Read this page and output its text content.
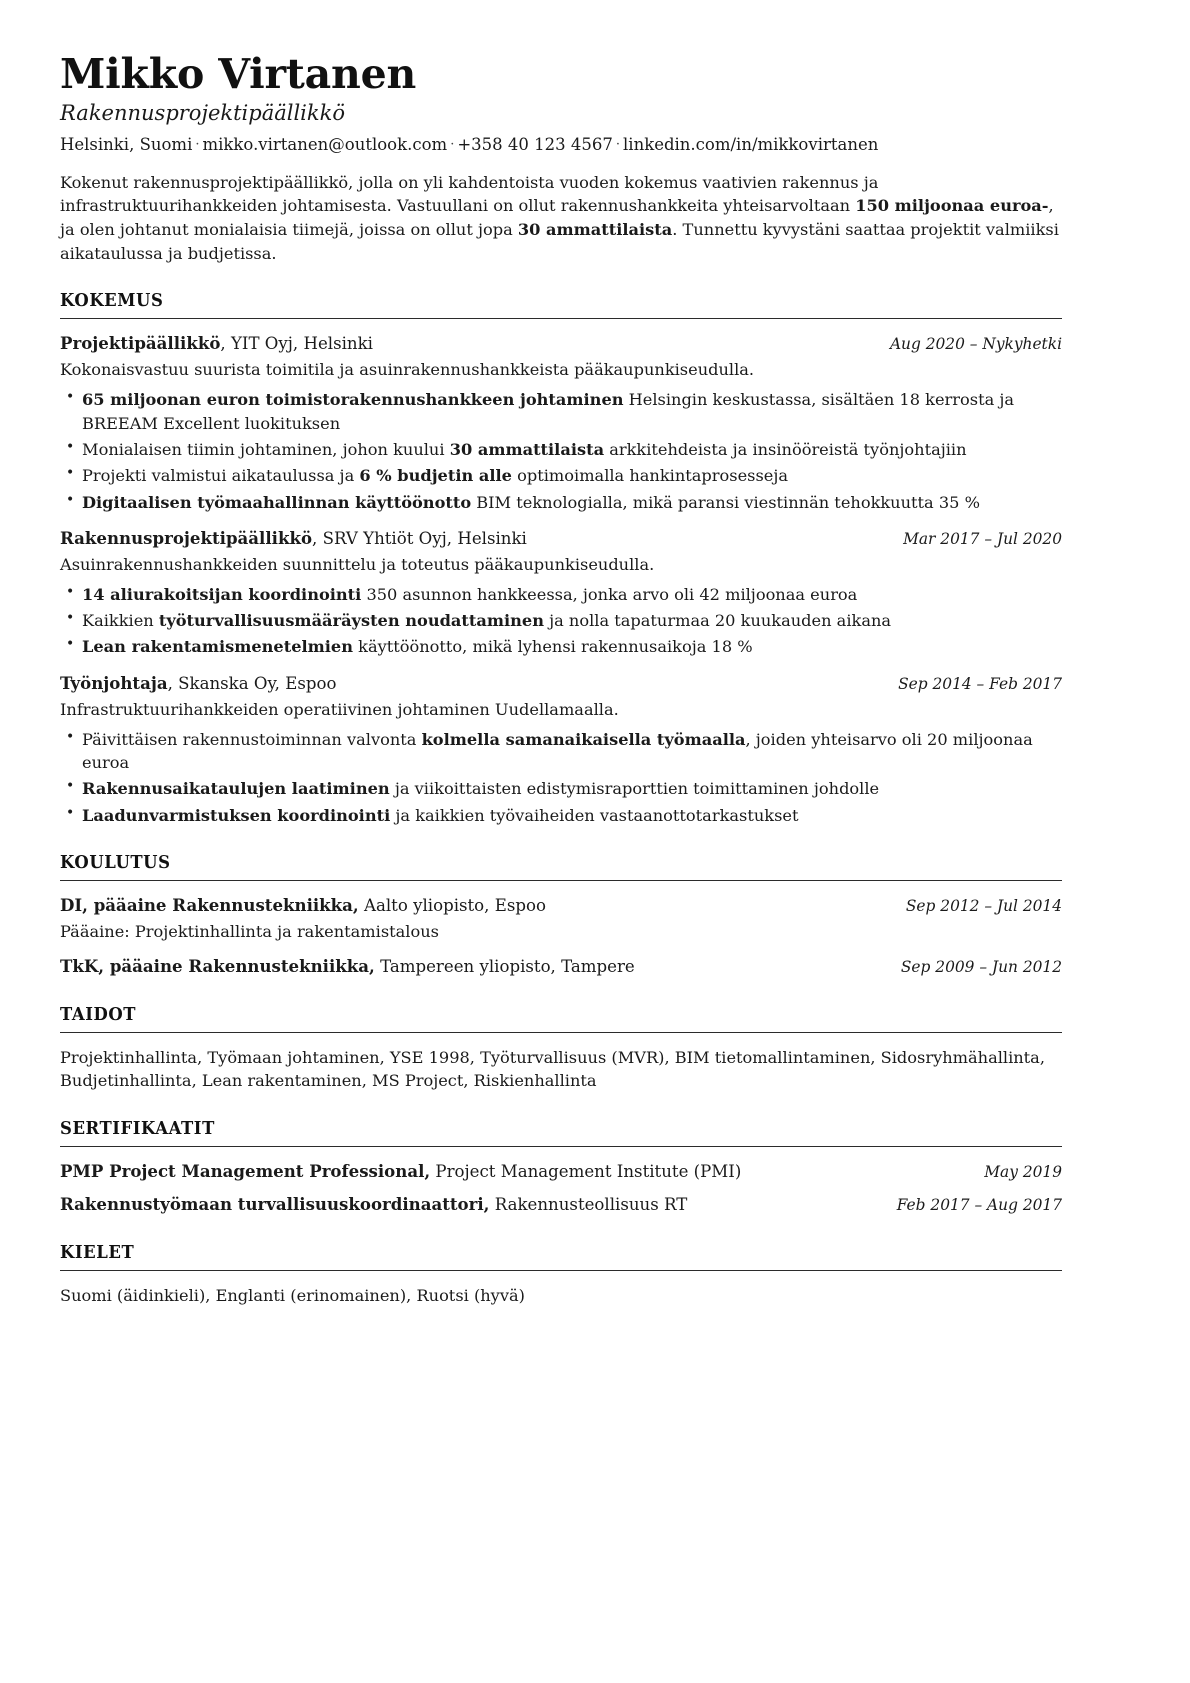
Mikko Virtanen
Rakennusprojektipäällikkö
Helsinki, Suomi · mikko.virtanen@outlook.com · +358 40 123 4567 · linkedin.com/in/mikkovirtanen

Kokenut rakennusprojektipäällikkö, jolla on yli kahdentoista vuoden kokemus vaativien rakennus ja infrastruktuurihankkeiden johtamisesta. Vastuullani on ollut rakennushankkeita yhteisarvoltaan 150 miljoonaa euroa-, ja olen johtanut monialaisia tiimejä, joissa on ollut jopa 30 ammattilaista. Tunnettu kyvystäni saattaa projektit valmiiksi aikataulussa ja budjetissa.

KOKEMUS
Projektipäällikkö, YIT Oyj, Helsinki	Aug 2020 – Nykyhetki
Kokonaisvastuu suurista toimitila ja asuinrakennushankkeista pääkaupunkiseudulla.
• 65 miljoonan euron toimistorakennushankkeen johtaminen Helsingin keskustassa, sisältäen 18 kerrosta ja BREEAM Excellent luokituksen
• Monialaisen tiimin johtaminen, johon kuului 30 ammattilaista arkkitehdeista ja insinööreistä työnjohtajiin
• Projekti valmistui aikataulussa ja 6 % budjetin alle optimoimalla hankintaprosesseja
• Digitaalisen työmaahallinnan käyttöönotto BIM teknologialla, mikä paransi viestinnän tehokkuutta 35 %
Rakennusprojektipäällikkö, SRV Yhtiöt Oyj, Helsinki	Mar 2017 – Jul 2020
Asuinrakennushankkeiden suunnittelu ja toteutus pääkaupunkiseudulla.
• 14 aliurakoitsijan koordinointi 350 asunnon hankkeessa, jonka arvo oli 42 miljoonaa euroa
• Kaikkien työturvallisuusmääräysten noudattaminen ja nolla tapaturmaa 20 kuukauden aikana
• Lean rakentamismenetelmien käyttöönotto, mikä lyhensi rakennusaikoja 18 %
Työnjohtaja, Skanska Oy, Espoo	Sep 2014 – Feb 2017
Infrastruktuurihankkeiden operatiivinen johtaminen Uudellamaalla.
• Päivittäisen rakennustoiminnan valvonta kolmella samanaikaisella työmaalla, joiden yhteisarvo oli 20 miljoonaa euroa
• Rakennusaikataulujen laatiminen ja viikoittaisten edistymisraporttien toimittaminen johdolle
• Laadunvarmistuksen koordinointi ja kaikkien työvaiheiden vastaanottotarkastukset
KOULUTUS
DI, pääaine Rakennustekniikka, Aalto yliopisto, Espoo	Sep 2012 – Jul 2014
Pääaine: Projektinhallinta ja rakentamistalous
TkK, pääaine Rakennustekniikka, Tampereen yliopisto, Tampere	Sep 2009 – Jun 2012
TAIDOT

Projektinhallinta, Työmaan johtaminen, YSE 1998, Työturvallisuus (MVR), BIM tietomallintaminen, Sidosryhmähallinta, Budjetinhallinta, Lean rakentaminen, MS Project, Riskienhallinta

SERTIFIKAATIT
PMP Project Management Professional, Project Management Institute (PMI)	May 2019
Rakennustyömaan turvallisuuskoordinaattori, Rakennusteollisuus RT	Feb 2017 – Aug 2017
KIELET

Suomi (äidinkieli), Englanti (erinomainen), Ruotsi (hyvä)
